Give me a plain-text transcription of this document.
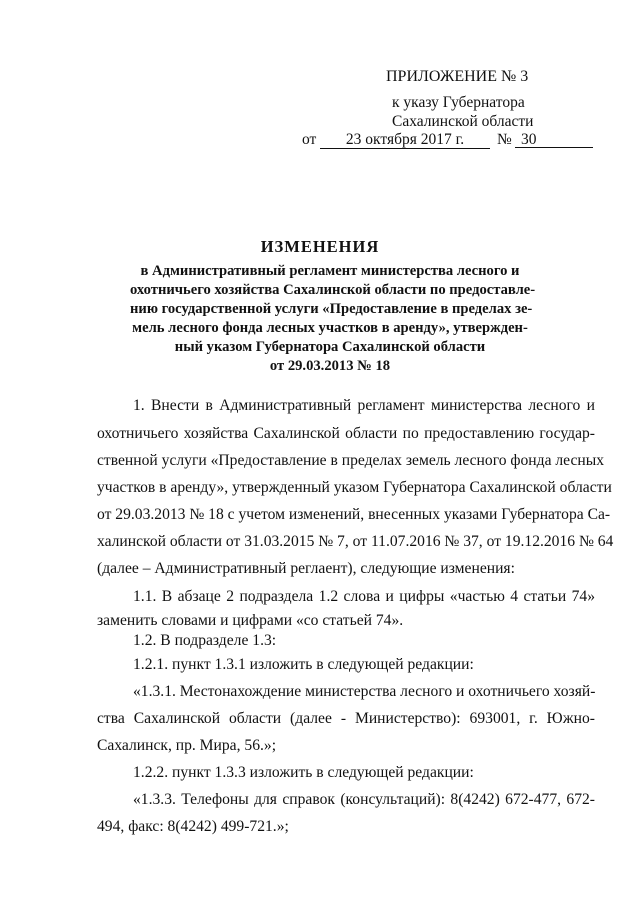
ПРИЛОЖЕНИЕ № 3
к указу Губернатора
Сахалинской области
от	23 октября 2017 г.	№ 30
ИЗМЕНЕНИЯ
в Административный регламент министерства лесного и
охотничьего хозяйства Сахалинской области по предоставле-
нию государственной услуги «Предоставление в пределах зе-
мель лесного фонда лесных участков в аренду», утвержден-
ный указом Губернатора Сахалинской области
от 29.03.2013 № 18
1. Внести в Административный регламент министерства лесного и
охотничьего хозяйства Сахалинской области по предоставлению государ-
ственной услуги «Предоставление в пределах земель лесного фонда лесных
участков в аренду», утвержденный указом Губернатора Сахалинской области
от 29.03.2013 № 18 с учетом изменений, внесенных указами Губернатора Са-
халинской области от 31.03.2015 № 7, от 11.07.2016 № 37, от 19.12.2016 № 64
(далее – Административный реглаент), следующие изменения:
1.1. В абзаце 2 подраздела 1.2 слова и цифры «частью 4 статьи 74»
заменить словами и цифрами «со статьей 74».
1.2. В подразделе 1.3:
1.2.1. пункт 1.3.1 изложить в следующей редакции:
«1.3.1. Местонахождение министерства лесного и охотничьего хозяй-
ства Сахалинской области (далее - Министерство): 693001, г. Южно-
Сахалинск, пр. Мира, 56.»;
1.2.2. пункт 1.3.3 изложить в следующей редакции:
«1.3.3. Телефоны для справок (консультаций): 8(4242) 672-477, 672-
494, факс: 8(4242) 499-721.»;
